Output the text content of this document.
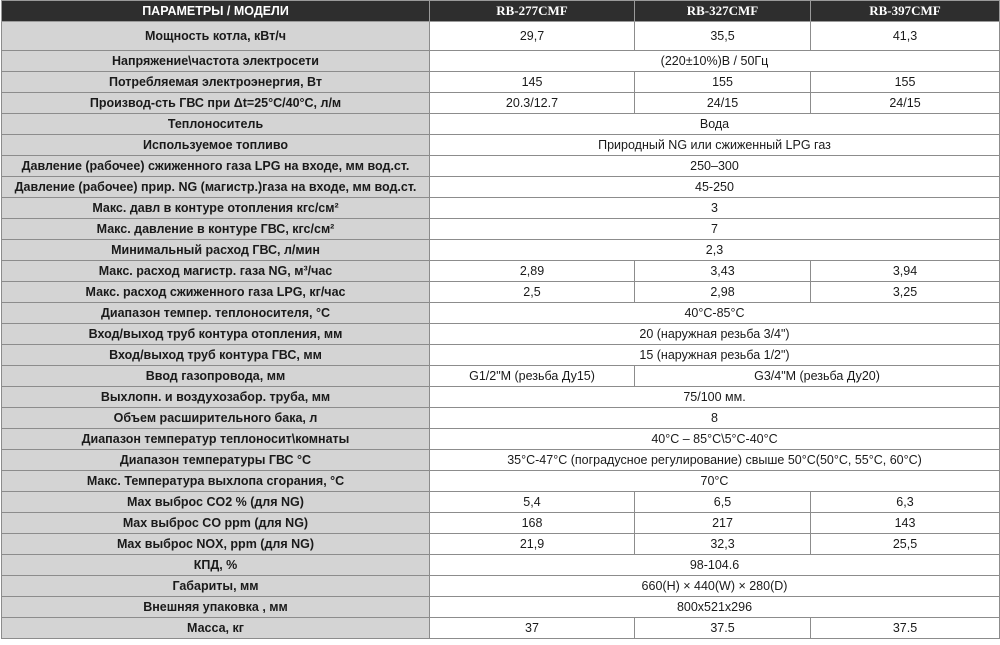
ПАРАМЕТРЫ / МОДЕЛИ	RB-277CMF	RB-327CMF	RB-397CMF
Мощность котла, кВт/ч	29,7	35,5	41,3
Напряжение\частота электросети	(220±10%)В / 50Гц		
Потребляемая электроэнергия, Вт	145	155	155
Производ-сть ГВС при Δt=25°С/40°С, л/м	20.3/12.7	24/15	24/15
Теплоноситель	Вода		
Используемое топливо	Природный NG или сжиженный LPG газ		
Давление (рабочее) сжиженного газа LPG на входе, мм вод.ст.	250–300		
Давление (рабочее) прир. NG (магистр.)газа на входе, мм вод.ст.	45-250		
Макс. давл в контуре отопления кгс/см²	3		
Макс. давление в контуре ГВС, кгс/см²	7		
Минимальный расход ГВС, л/мин	2,3		
Макс. расход магистр. газа NG, м³/час	2,89	3,43	3,94
Макс. расход сжиженного газа LPG, кг/час	2,5	2,98	3,25
Диапазон темпер. теплоносителя, °С	40°C-85°C		
Вход/выход труб контура отопления, мм	20 (наружная резьба 3/4")		
Вход/выход труб контура ГВС, мм	15 (наружная резьба 1/2")		
Ввод газопровода, мм	G1/2"M (резьба Ду15)	G3/4"M (резьба Ду20)	
Выхлопн. и воздухозабор. труба, мм	75/100 мм.		
Объем расширительного бака, л	8		
Диапазон температур теплоносит\комнаты	40°C – 85°C\5°C-40°C		
Диапазон температуры ГВС °С	35°C-47°C (поградусное регулирование) свыше 50°C(50°C, 55°C, 60°C)		
Макс. Температура выхлопа сгорания, °С	70°C		
Max выброс CO2 % (для NG)	5,4	6,5	6,3
Max выброс CO ppm (для NG)	168	217	143
Max выброс NOX, ppm (для NG)	21,9	32,3	25,5
КПД, %	98-104.6		
Габариты, мм	660(H) × 440(W) × 280(D)		
Внешняя упаковка , мм	800x521x296		
Масса, кг	37	37.5	37.5
